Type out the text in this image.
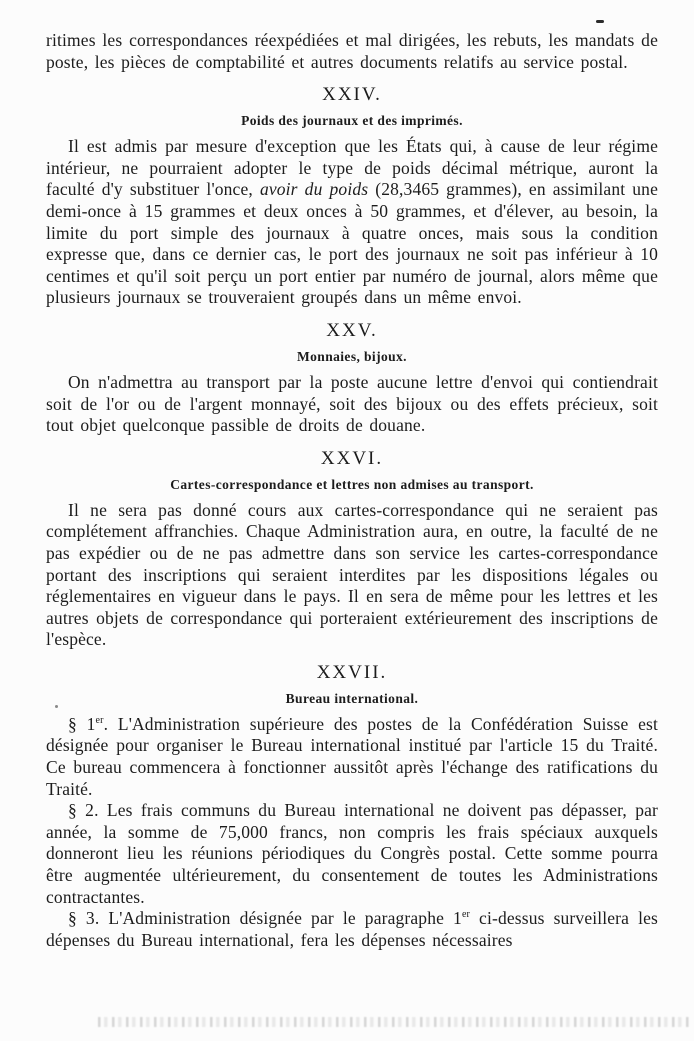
ritimes les correspondances réexpédiées et mal dirigées, les rebuts, les mandats de poste, les pièces de comptabilité et autres documents relatifs au service postal.

XXIV.
Poids des journaux et des imprimés.

Il est admis par mesure d'exception que les États qui, à cause de leur régime intérieur, ne pourraient adopter le type de poids décimal métrique, auront la faculté d'y substituer l'once, avoir du poids (28,3465 grammes), en assimilant une demi-once à 15 grammes et deux onces à 50 grammes, et d'élever, au besoin, la limite du port simple des journaux à quatre onces, mais sous la condition expresse que, dans ce dernier cas, le port des journaux ne soit pas inférieur à 10 centimes et qu'il soit perçu un port entier par numéro de journal, alors même que plusieurs journaux se trouveraient groupés dans un même envoi.

XXV.
Monnaies, bijoux.

On n'admettra au transport par la poste aucune lettre d'envoi qui contiendrait soit de l'or ou de l'argent monnayé, soit des bijoux ou des effets précieux, soit tout objet quelconque passible de droits de douane.

XXVI.
Cartes-correspondance et lettres non admises au transport.

Il ne sera pas donné cours aux cartes-correspondance qui ne seraient pas complétement affranchies. Chaque Administration aura, en outre, la faculté de ne pas expédier ou de ne pas admettre dans son service les cartes-correspondance portant des inscriptions qui seraient interdites par les dispositions légales ou réglementaires en vigueur dans le pays. Il en sera de même pour les lettres et les autres objets de correspondance qui porteraient extérieurement des inscriptions de l'espèce.

XXVII.
Bureau international.

§ 1er. L'Administration supérieure des postes de la Confédération Suisse est désignée pour organiser le Bureau international institué par l'article 15 du Traité. Ce bureau commencera à fonctionner aussitôt après l'échange des ratifications du Traité.

§ 2. Les frais communs du Bureau international ne doivent pas dépasser, par année, la somme de 75,000 francs, non compris les frais spéciaux auxquels donneront lieu les réunions périodiques du Congrès postal. Cette somme pourra être augmentée ultérieurement, du consentement de toutes les Administrations contractantes.

§ 3. L'Administration désignée par le paragraphe 1er ci-dessus surveillera les dépenses du Bureau international, fera les dépenses nécessaires
